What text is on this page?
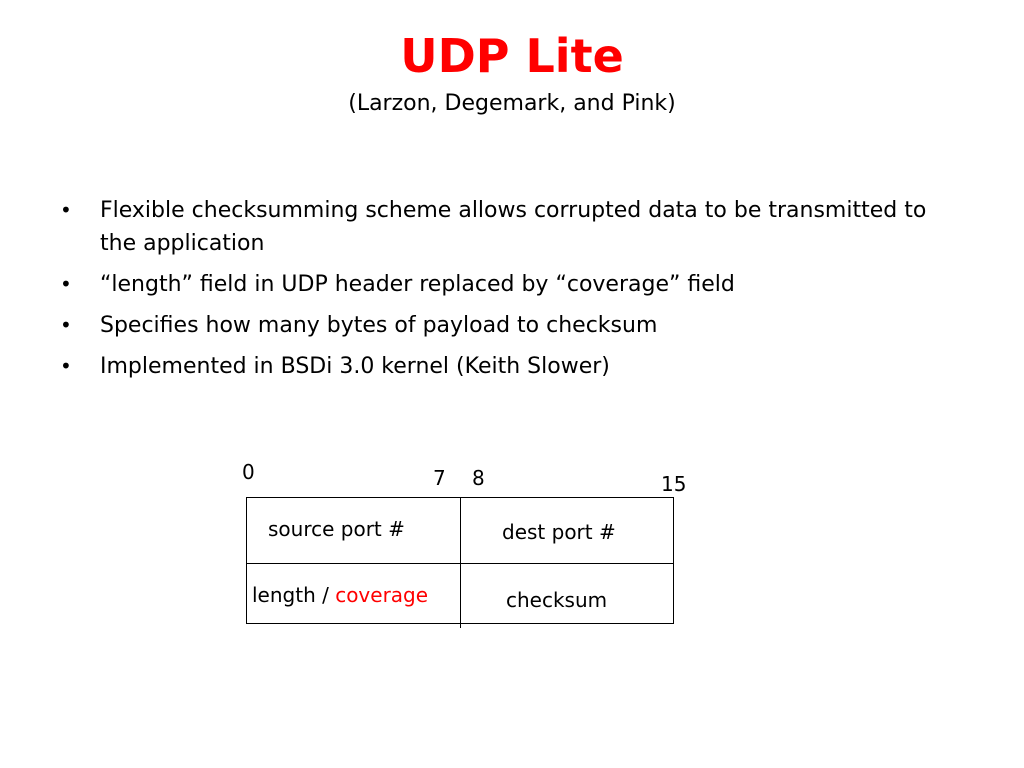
UDP Lite
(Larzon, Degemark, and Pink)
• Flexible checksumming scheme allows corrupted data to be transmitted to the application
• “length” field in UDP header replaced by “coverage” field
• Specifies how many bytes of payload to checksum
• Implemented in BSDi 3.0 kernel (Keith Slower)
0	7 8	15
source port #	dest port #
length / coverage	checksum
